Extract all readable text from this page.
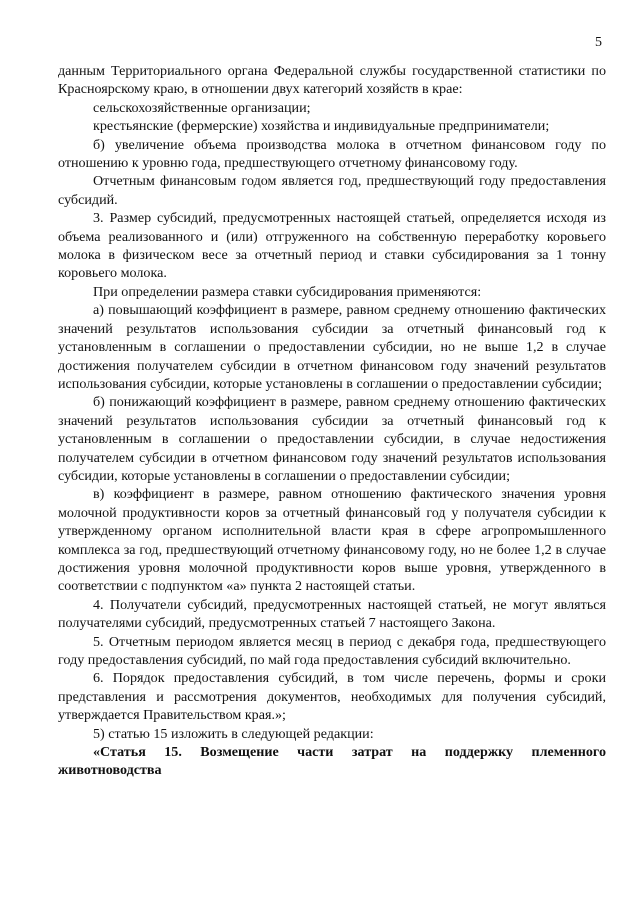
5

данным Территориального органа Федеральной службы государственной статистики по Красноярскому краю, в отношении двух категорий хозяйств в крае:

сельскохозяйственные организации;

крестьянские (фермерские) хозяйства и индивидуальные предприниматели;

б) увеличение объема производства молока в отчетном финансовом году по отношению к уровню года, предшествующего отчетному финансовому году.

Отчетным финансовым годом является год, предшествующий году предоставления субсидий.

3. Размер субсидий, предусмотренных настоящей статьей, определяется исходя из объема реализованного и (или) отгруженного на собственную переработку коровьего молока в физическом весе за отчетный период и ставки субсидирования за 1 тонну коровьего молока.

При определении размера ставки субсидирования применяются:

а) повышающий коэффициент в размере, равном среднему отношению фактических значений результатов использования субсидии за отчетный финансовый год к установленным в соглашении о предоставлении субсидии, но не выше 1,2 в случае достижения получателем субсидии в отчетном финансовом году значений результатов использования субсидии, которые установлены в соглашении о предоставлении субсидии;

б) понижающий коэффициент в размере, равном среднему отношению фактических значений результатов использования субсидии за отчетный финансовый год к установленным в соглашении о предоставлении субсидии, в случае недостижения получателем субсидии в отчетном финансовом году значений результатов использования субсидии, которые установлены в соглашении о предоставлении субсидии;

в) коэффициент в размере, равном отношению фактического значения уровня молочной продуктивности коров за отчетный финансовый год у получателя субсидии к утвержденному органом исполнительной власти края в сфере агропромышленного комплекса за год, предшествующий отчетному финансовому году, но не более 1,2 в случае достижения уровня молочной продуктивности коров выше уровня, утвержденного в соответствии с подпунктом «а» пункта 2 настоящей статьи.

4. Получатели субсидий, предусмотренных настоящей статьей, не могут являться получателями субсидий, предусмотренных статьей 7 настоящего Закона.

5. Отчетным периодом является месяц в период с декабря года, предшествующего году предоставления субсидий, по май года предоставления субсидий включительно.

6. Порядок предоставления субсидий, в том числе перечень, формы и сроки представления и рассмотрения документов, необходимых для получения субсидий, утверждается Правительством края.»;

5) статью 15 изложить в следующей редакции:

«Статья 15. Возмещение части затрат на поддержку племенного животноводства
